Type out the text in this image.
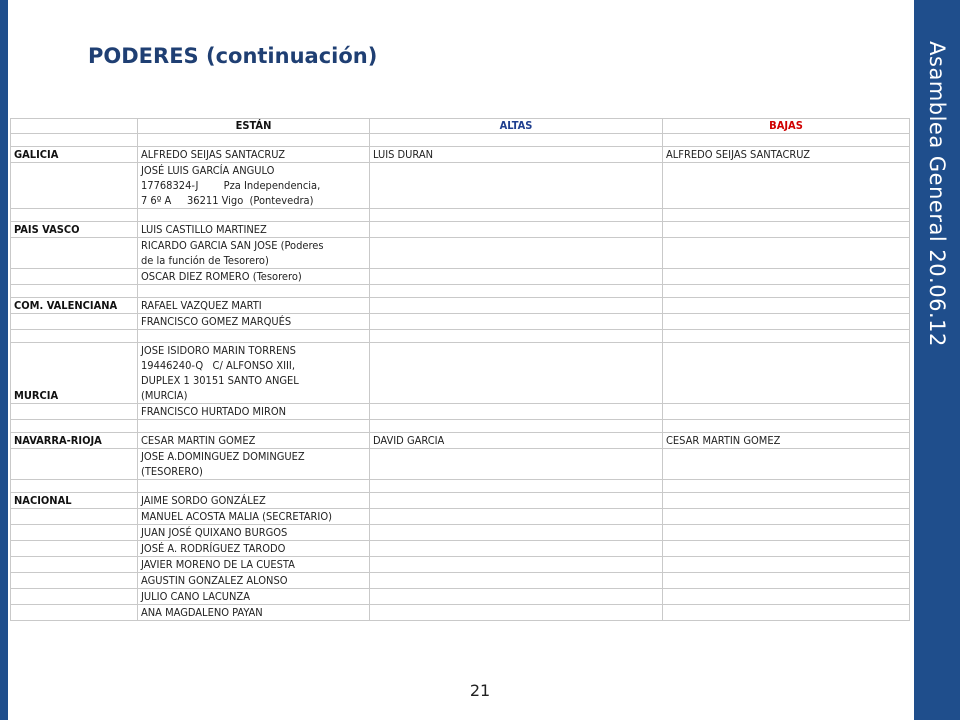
Asamblea General 20.06.12
PODERES (continuación)
	ESTÁN	ALTAS	BAJAS

GALICIA	ALFREDO SEIJAS SANTACRUZ	LUIS DURAN	ALFREDO SEIJAS SANTACRUZ
	JOSÉ LUIS GARCÍA ANGULO
17768324-J        Pza Independencia,
7 6º A     36211 Vigo  (Pontevedra)		

PAIS VASCO	LUIS CASTILLO MARTINEZ		
	RICARDO GARCIA SAN JOSE (Poderes
de la función de Tesorero)		
	OSCAR DIEZ ROMERO (Tesorero)		

COM. VALENCIANA	RAFAEL VAZQUEZ MARTI		
	FRANCISCO GOMEZ MARQUÉS		

MURCIA	JOSE ISIDORO MARIN TORRENS
19446240-Q   C/ ALFONSO XIII,
DUPLEX 1 30151 SANTO ANGEL
(MURCIA)		
	FRANCISCO HURTADO MIRON		

NAVARRA-RIOJA	CESAR MARTIN GOMEZ	DAVID GARCIA	CESAR MARTIN GOMEZ
	JOSE A.DOMINGUEZ DOMINGUEZ
(TESORERO)		

NACIONAL	JAIME SORDO GONZÁLEZ		
	MANUEL ACOSTA MALIA (SECRETARIO)		
	JUAN JOSÉ QUIXANO BURGOS		
	JOSÉ A. RODRÍGUEZ TARODO		
	JAVIER MORENO DE LA CUESTA		
	AGUSTIN GONZALEZ ALONSO		
	JULIO CANO LACUNZA		
	ANA MAGDALENO PAYAN		
21
